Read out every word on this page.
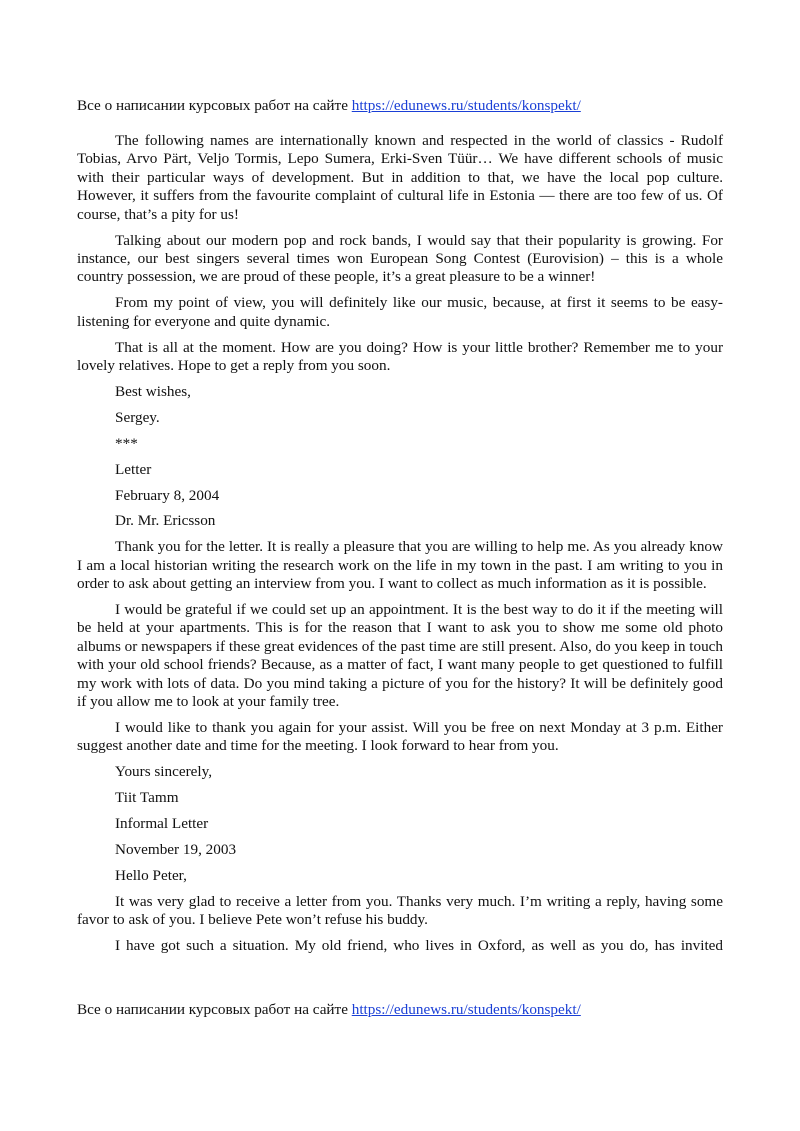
Все о написании курсовых работ на сайте https://edunews.ru/students/konspekt/

The following names are internationally known and respected in the world of classics - Rudolf Tobias, Arvo Pärt, Veljo Tormis, Lepo Sumera, Erki-Sven Tüür… We have different schools of music with their particular ways of development. But in addition to that, we have the local pop culture. However, it suffers from the favourite complaint of cultural life in Estonia — there are too few of us. Of course, that’s a pity for us!

Talking about our modern pop and rock bands, I would say that their popularity is growing. For instance, our best singers several times won European Song Contest (Eurovision) – this is a whole country possession, we are proud of these people, it’s a great pleasure to be a winner!

From my point of view, you will definitely like our music, because, at first it seems to be easy-listening for everyone and quite dynamic.

That is all at the moment. How are you doing? How is your little brother? Remember me to your lovely relatives. Hope to get a reply from you soon.

Best wishes,

Sergey.

***

Letter

February 8, 2004

Dr. Mr. Ericsson

Thank you for the letter. It is really a pleasure that you are willing to help me. As you already know I am a local historian writing the research work on the life in my town in the past. I am writing to you in order to ask about getting an interview from you. I want to collect as much information as it is possible.

I would be grateful if we could set up an appointment. It is the best way to do it if the meeting will be held at your apartments. This is for the reason that I want to ask you to show me some old photo albums or newspapers if these great evidences of the past time are still present. Also, do you keep in touch with your old school friends? Because, as a matter of fact, I want many people to get questioned to fulfill my work with lots of data. Do you mind taking a picture of you for the history? It will be definitely good if you allow me to look at your family tree.

I would like to thank you again for your assist. Will you be free on next Monday at 3 p.m. Either suggest another date and time for the meeting. I look forward to hear from you.

Yours sincerely,

Tiit Tamm

Informal Letter

November 19, 2003

Hello Peter,

It was very glad to receive a letter from you. Thanks very much. I’m writing a reply, having some favor to ask of you. I believe Pete won’t refuse his buddy.

I have got such a situation. My old friend, who lives in Oxford, as well as you do, has invited

Все о написании курсовых работ на сайте https://edunews.ru/students/konspekt/
